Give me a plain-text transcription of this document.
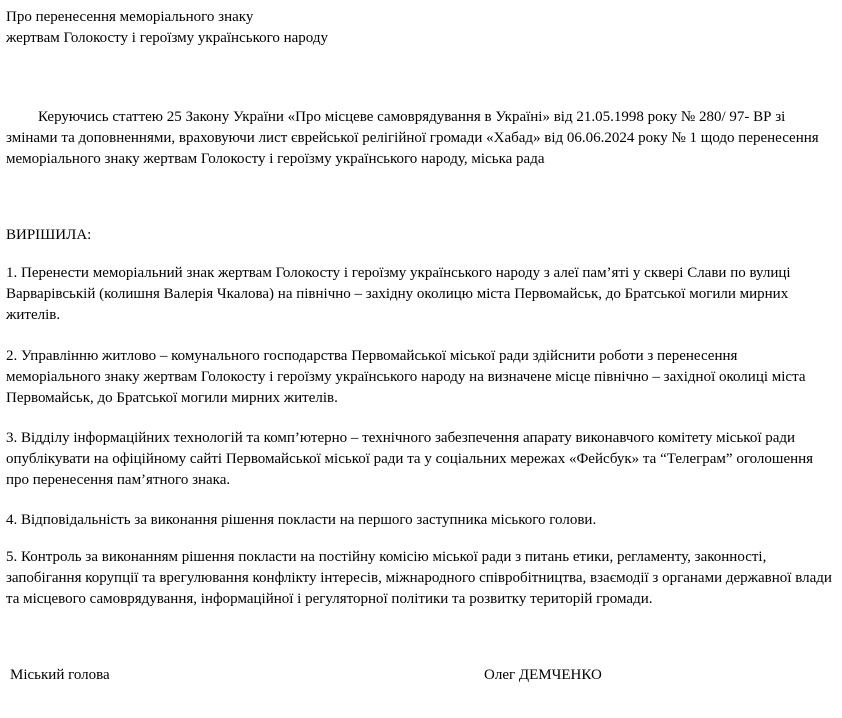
Про перенесення меморіального знаку
жертвам Голокосту і героїзму українського народу

Керуючись статтею 25 Закону України «Про місцеве самоврядування в Україні» від 21.05.1998 року № 280/ 97- ВР зі змінами та доповненнями, враховуючи лист єврейської релігійної громади «Хабад» від 06.06.2024 року № 1 щодо перенесення меморіального знаку жертвам Голокосту і героїзму українського народу, міська рада

ВИРІШИЛА:

1. Перенести меморіальний знак жертвам Голокосту і героїзму українського народу з алеї пам’яті у сквері Слави по вулиці Варварівській (колишня Валерія Чкалова) на північно – західну околицю міста Первомайськ, до Братської могили мирних жителів.

2. Управлінню житлово – комунального господарства Первомайської міської ради здійснити роботи з перенесення меморіального знаку жертвам Голокосту і героїзму українського народу на визначене місце північно – західної околиці міста Первомайськ, до Братської могили мирних жителів.

3. Відділу інформаційних технологій та комп’ютерно – технічного забезпечення апарату виконавчого комітету міської ради опублікувати на офіційному сайті Первомайської міської ради та у соціальних мережах «Фейсбук» та “Телеграм” оголошення про перенесення пам’ятного знака.

4. Відповідальність за виконання рішення покласти на першого заступника міського голови.

5. Контроль за виконанням рішення покласти на постійну комісію міської ради з питань етики, регламенту, законності, запобігання корупції та врегулювання конфлікту інтересів, міжнародного співробітництва, взаємодії з органами державної влади та місцевого самоврядування, інформаційної і регуляторної політики та розвитку територій громади.

Міський голова	Олег ДЕМЧЕНКО
